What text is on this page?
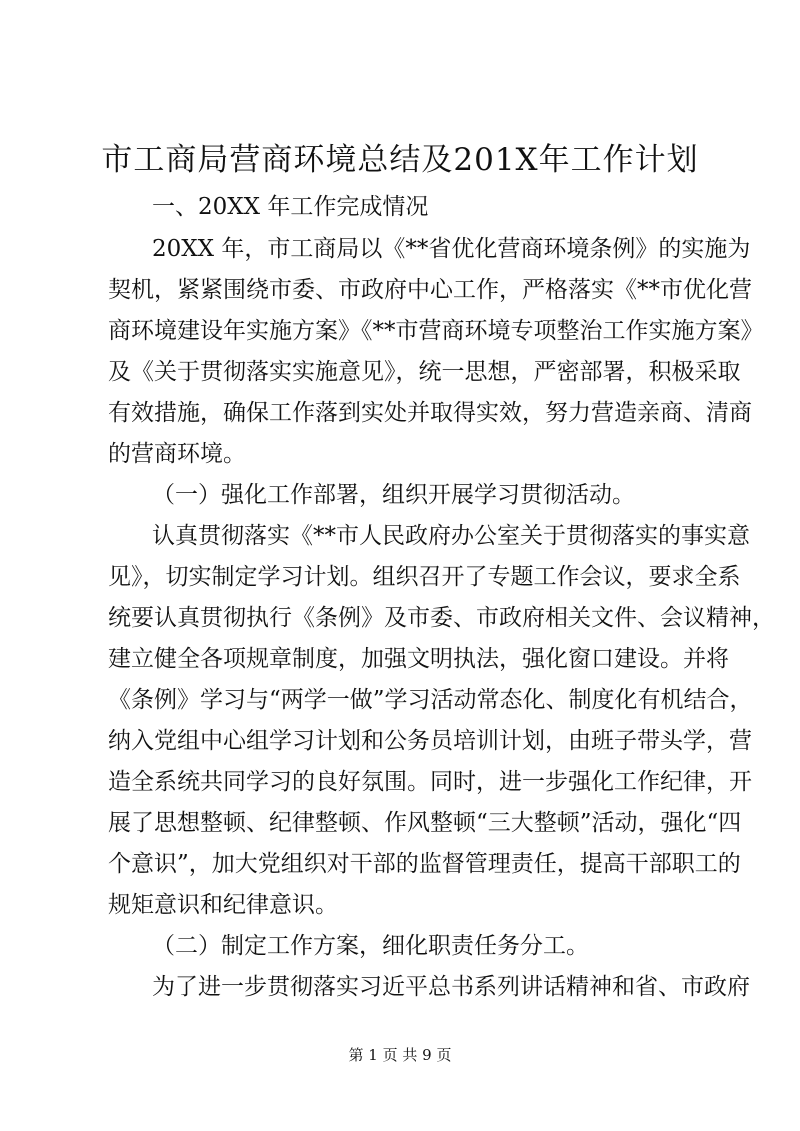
市工商局营商环境总结及201X年工作计划
一、20XX 年工作完成情况
20XX 年，市工商局以《**省优化营商环境条例》的实施为
契机，紧紧围绕市委、市政府中心工作，严格落实《**市优化营
商环境建设年实施方案》《**市营商环境专项整治工作实施方案》
及《关于贯彻落实实施意见》，统一思想，严密部署，积极采取
有效措施，确保工作落到实处并取得实效，努力营造亲商、清商
的营商环境。
（一）强化工作部署，组织开展学习贯彻活动。
认真贯彻落实《**市人民政府办公室关于贯彻落实的事实意
见》，切实制定学习计划。组织召开了专题工作会议，要求全系
统要认真贯彻执行《条例》及市委、市政府相关文件、会议精神，
建立健全各项规章制度，加强文明执法，强化窗口建设。并将
《条例》学习与“两学一做”学习活动常态化、制度化有机结合，
纳入党组中心组学习计划和公务员培训计划，由班子带头学，营
造全系统共同学习的良好氛围。同时，进一步强化工作纪律，开
展了思想整顿、纪律整顿、作风整顿“三大整顿”活动，强化“四
个意识”，加大党组织对干部的监督管理责任，提高干部职工的
规矩意识和纪律意识。
（二）制定工作方案，细化职责任务分工。
为了进一步贯彻落实习近平总书系列讲话精神和省、市政府
第 1 页 共 9 页
